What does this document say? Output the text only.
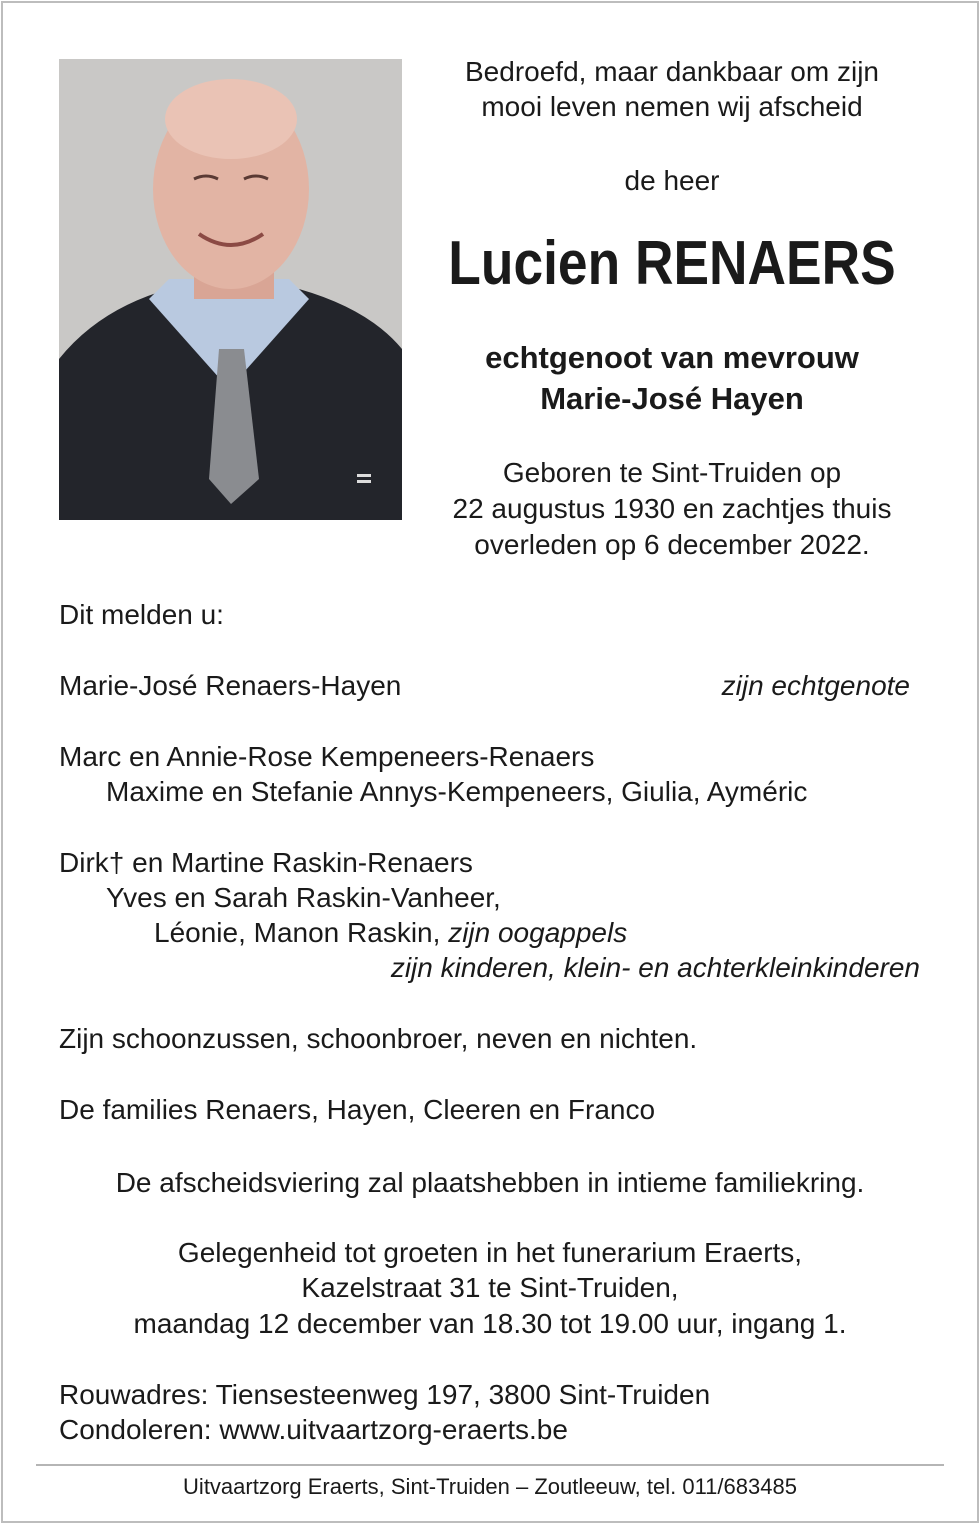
Bedroefd, maar dankbaar om zijn
mooi leven nemen wij afscheid
de heer
Lucien RENAERS
echtgenoot van mevrouw
Marie-José Hayen
Geboren te Sint-Truiden op
22 augustus 1930 en zachtjes thuis
overleden op 6 december 2022.
Dit melden u:
Marie-José Renaers-Hayen	zijn echtgenote
Marc en Annie-Rose Kempeneers-Renaers
Maxime en Stefanie Annys-Kempeneers, Giulia, Ayméric
Dirk† en Martine Raskin-Renaers
Yves en Sarah Raskin-Vanheer,
Léonie, Manon Raskin, zijn oogappels
zijn kinderen, klein- en achterkleinkinderen
Zijn schoonzussen, schoonbroer, neven en nichten.
De families Renaers, Hayen, Cleeren en Franco
De afscheidsviering zal plaatshebben in intieme familiekring.
Gelegenheid tot groeten in het funerarium Eraerts,
Kazelstraat 31 te Sint-Truiden,
maandag 12 december van 18.30 tot 19.00 uur, ingang 1.
Rouwadres: Tiensesteenweg 197, 3800 Sint-Truiden
Condoleren: www.uitvaartzorg-eraerts.be
Uitvaartzorg Eraerts, Sint-Truiden – Zoutleeuw, tel. 011/683485
